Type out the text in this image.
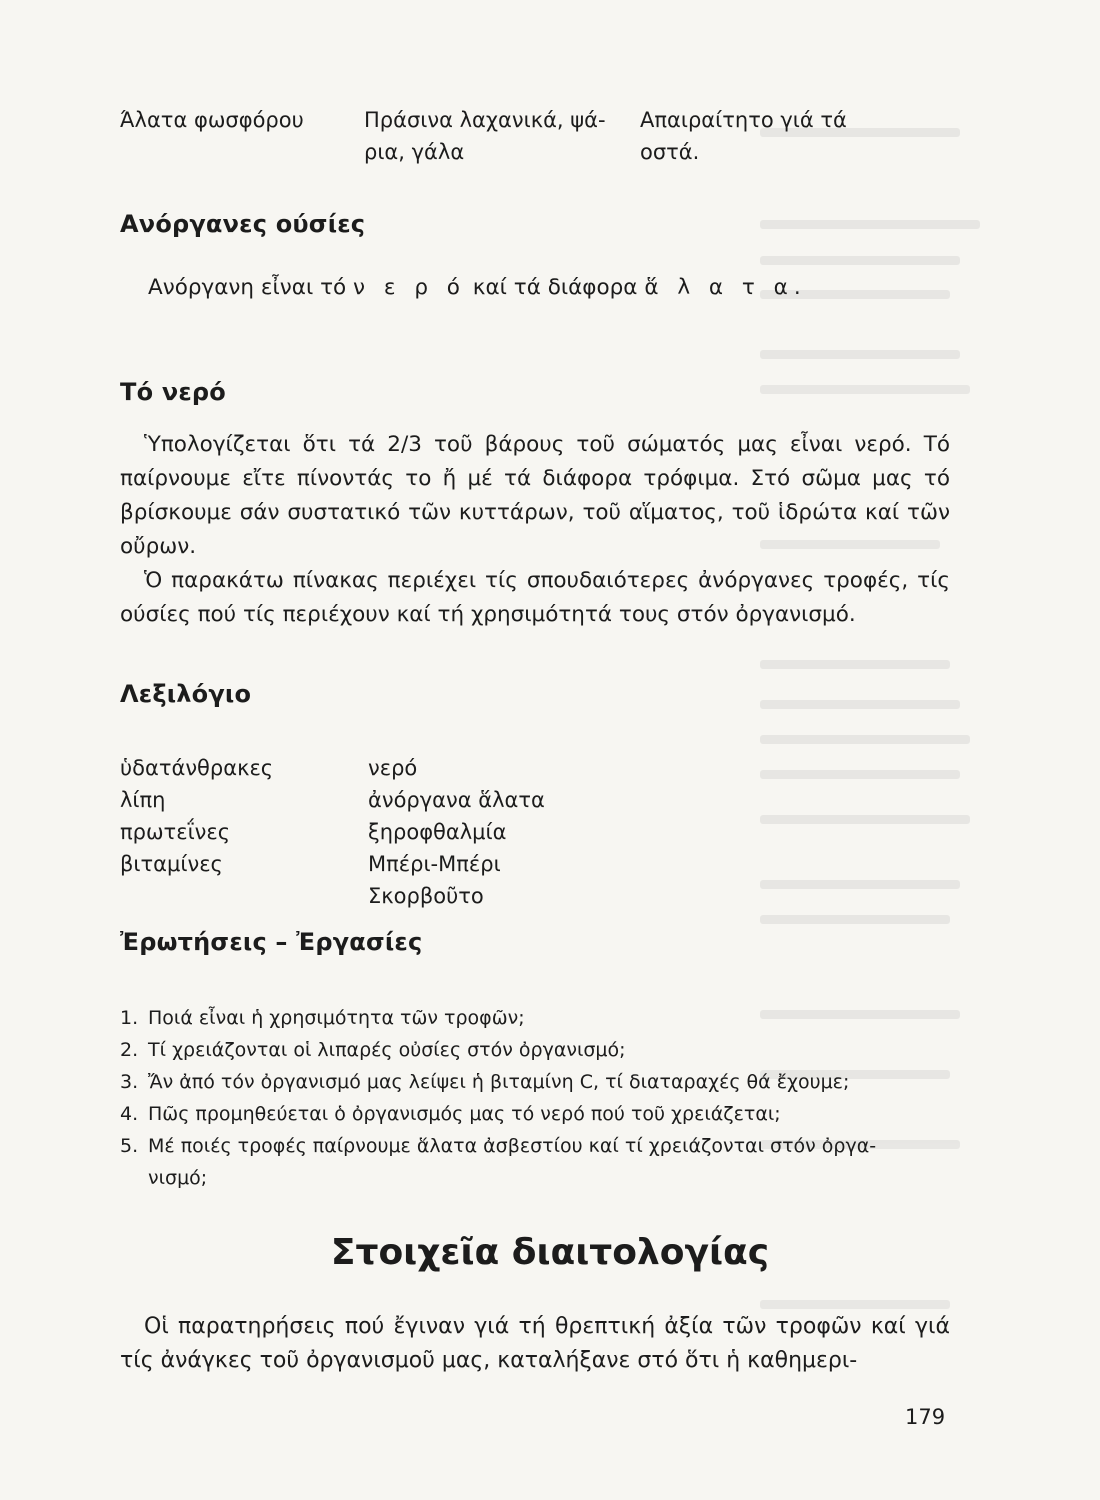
Άλατα φωσφόρου	Πράσινα λαχανικά, ψά-
ρια, γάλα
Απαιραίτητο γιά τά
οστά.
Ανόργανες ούσίες
Ανόργανη εἶναι τό ν ε ρ ό καί τά διάφορα ἅ λ α τ α.
Τό νερό
Ὑπολογίζεται ὅτι τά 2/3 τοῦ βάρους τοῦ σώματός μας εἶναι νερό. Τό παίρνουμε εἴτε πίνοντάς το ἤ μέ τά διάφορα τρόφιμα. Στό σῶμα μας τό βρίσκουμε σάν συστατικό τῶν κυττάρων, τοῦ αἵματος, τοῦ ἱδρώτα καί τῶν οὔρων.
Ὁ παρακάτω πίνακας περιέχει τίς σπουδαιότερες ἀνόργανες τροφές, τίς ούσίες πού τίς περιέχουν καί τή χρησιμότητά τους στόν ὀργανισμό.
Λεξιλόγιο
ὑδατάνθρακες
λίπη
πρωτεΐνες
βιταμίνες
νερό
ἀνόργανα ἅλατα
ξηροφθαλμία
Μπέρι-Μπέρι
Σκορβοῦτο
Ἐρωτήσεις – Ἐργασίες
1. Ποιά εἶναι ἡ χρησιμότητα τῶν τροφῶν;
2. Τί χρειάζονται οἱ λιπαρές οὐσίες στόν ὀργανισμό;
3. Ἄν ἀπό τόν ὀργανισμό μας λείψει ἡ βιταμίνη C, τί διαταραχές θά ἔχουμε;
4. Πῶς προμηθεύεται ὁ ὀργανισμός μας τό νερό πού τοῦ χρειάζεται;
5. Μέ ποιές τροφές παίρνουμε ἅλατα ἀσβεστίου καί τί χρειάζονται στόν ὀργα-
νισμό;
Στοιχεῖα διαιτολογίας
Οἱ παρατηρήσεις πού ἔγιναν γιά τή θρεπτική ἀξία τῶν τροφῶν καί γιά τίς ἀνάγκες τοῦ ὀργανισμοῦ μας, καταλήξανε στό ὅτι ἡ καθημερι-
179
